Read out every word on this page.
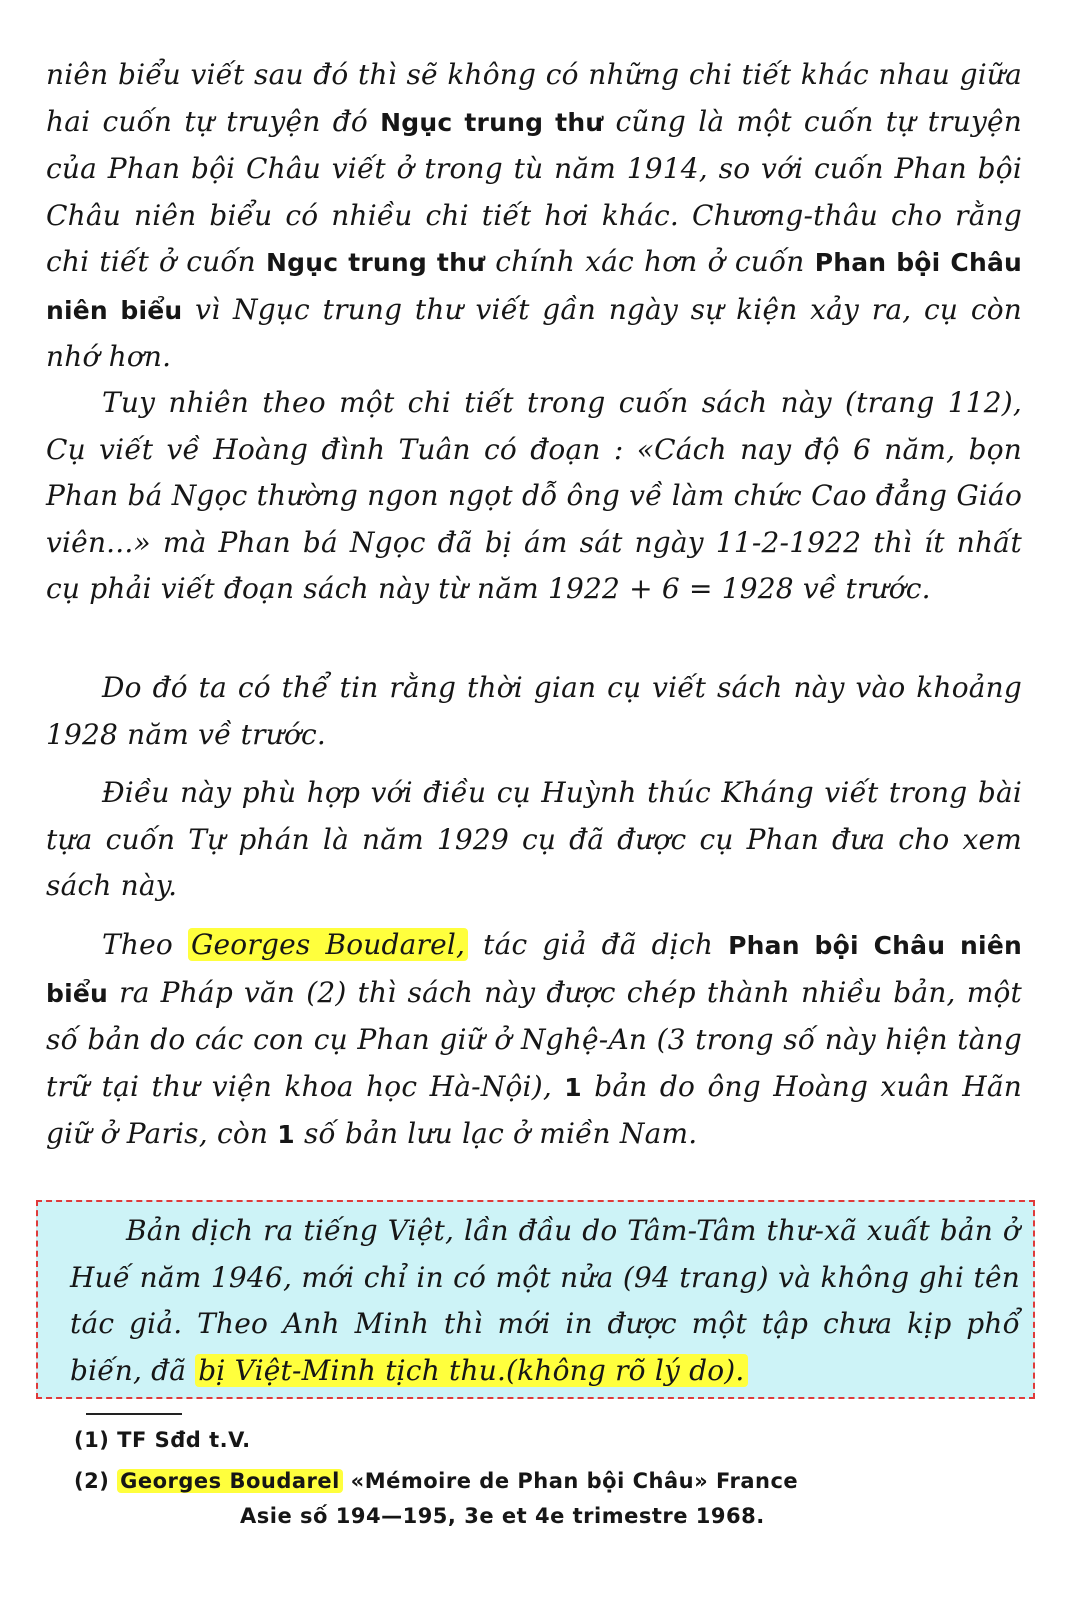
niên biểu viết sau đó thì sẽ không có những chi tiết khác nhau giữa hai cuốn tự truyện đó Ngục trung thư cũng là một cuốn tự truyện của Phan bội Châu viết ở trong tù năm 1914, so với cuốn Phan bội Châu niên biểu có nhiều chi tiết hơi khác. Chương-thâu cho rằng chi tiết ở cuốn Ngục trung thư chính xác hơn ở cuốn Phan bội Châu niên biểu vì Ngục trung thư viết gần ngày sự kiện xảy ra, cụ còn nhớ hơn.

Tuy nhiên theo một chi tiết trong cuốn sách này (trang 112), Cụ viết về Hoàng đình Tuân có đoạn : «Cách nay độ 6 năm, bọn Phan bá Ngọc thường ngon ngọt dỗ ông về làm chức Cao đẳng Giáo viên...» mà Phan bá Ngọc đã bị ám sát ngày 11-2-1922 thì ít nhất cụ phải viết đoạn sách này từ năm 1922 + 6 = 1928 về trước.

Do đó ta có thể tin rằng thời gian cụ viết sách này vào khoảng 1928 năm về trước.

Điều này phù hợp với điều cụ Huỳnh thúc Kháng viết trong bài tựa cuốn Tự phán là năm 1929 cụ đã được cụ Phan đưa cho xem sách này.

Theo Georges Boudarel, tác giả đã dịch Phan bội Châu niên biểu ra Pháp văn (2) thì sách này được chép thành nhiều bản, một số bản do các con cụ Phan giữ ở Nghệ-An (3 trong số này hiện tàng trữ tại thư viện khoa học Hà-Nội), 1 bản do ông Hoàng xuân Hãn giữ ở Paris, còn 1 số bản lưu lạc ở miền Nam.

Bản dịch ra tiếng Việt, lần đầu do Tâm-Tâm thư-xã xuất bản ở Huế năm 1946, mới chỉ in có một nửa (94 trang) và không ghi tên tác giả. Theo Anh Minh thì mới in được một tập chưa kịp phổ biến, đã bị Việt-Minh tịch thu.(không rõ lý do).

(1) TF Sđd t.V.

(2) Georges Boudarel «Mémoire de Phan bội Châu» France

Asie số 194—195, 3e et 4e trimestre 1968.
